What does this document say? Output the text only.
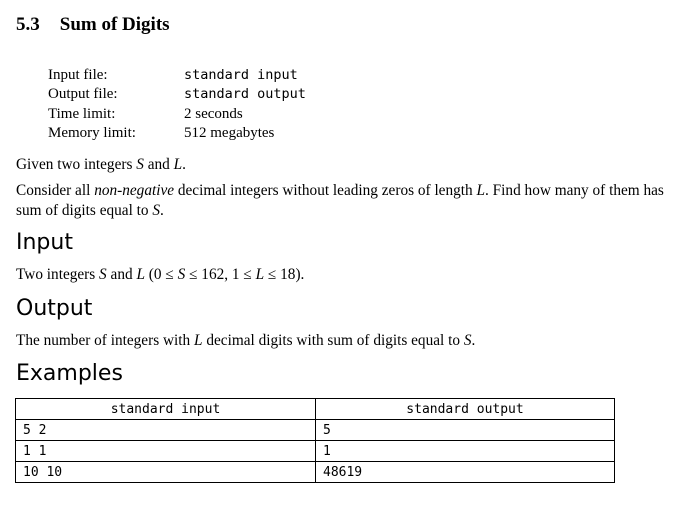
5.3 Sum of Digits
Input file:	standard input
Output file:	standard output
Time limit:	2 seconds
Memory limit:	512 megabytes
Given two integers S and L.
Consider all non-negative decimal integers without leading zeros of length L. Find how many of them has sum of digits equal to S.
Input
Two integers S and L (0 ≤ S ≤ 162, 1 ≤ L ≤ 18).
Output
The number of integers with L decimal digits with sum of digits equal to S.
Examples
standard input	standard output
5 2	5
1 1	1
10 10	48619
